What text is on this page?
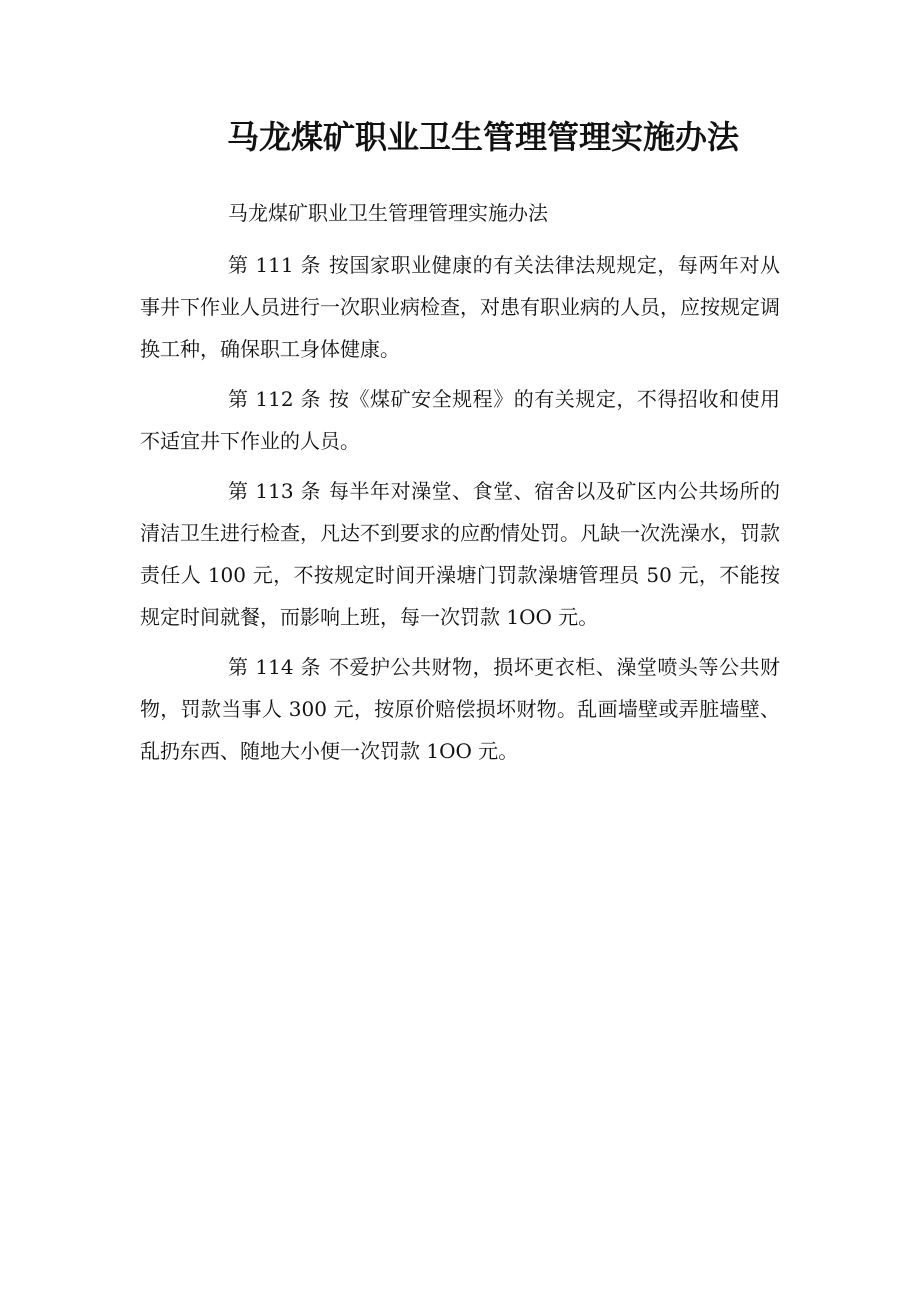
马龙煤矿职业卫生管理管理实施办法

马龙煤矿职业卫生管理管理实施办法

第 111 条 按国家职业健康的有关法律法规规定，每两年对从事井下作业人员进行一次职业病检查，对患有职业病的人员，应按规定调换工种，确保职工身体健康。

第 112 条 按《煤矿安全规程》的有关规定，不得招收和使用不适宜井下作业的人员。

第 113 条 每半年对澡堂、食堂、宿舍以及矿区内公共场所的清洁卫生进行检查，凡达不到要求的应酌情处罚。凡缺一次洗澡水，罚款责任人 100 元，不按规定时间开澡塘门罚款澡塘管理员 50 元，不能按规定时间就餐，而影响上班，每一次罚款 1OO 元。

第 114 条 不爱护公共财物，损坏更衣柜、澡堂喷头等公共财物，罚款当事人 300 元，按原价赔偿损坏财物。乱画墙壁或弄脏墙壁、乱扔东西、随地大小便一次罚款 1OO 元。
